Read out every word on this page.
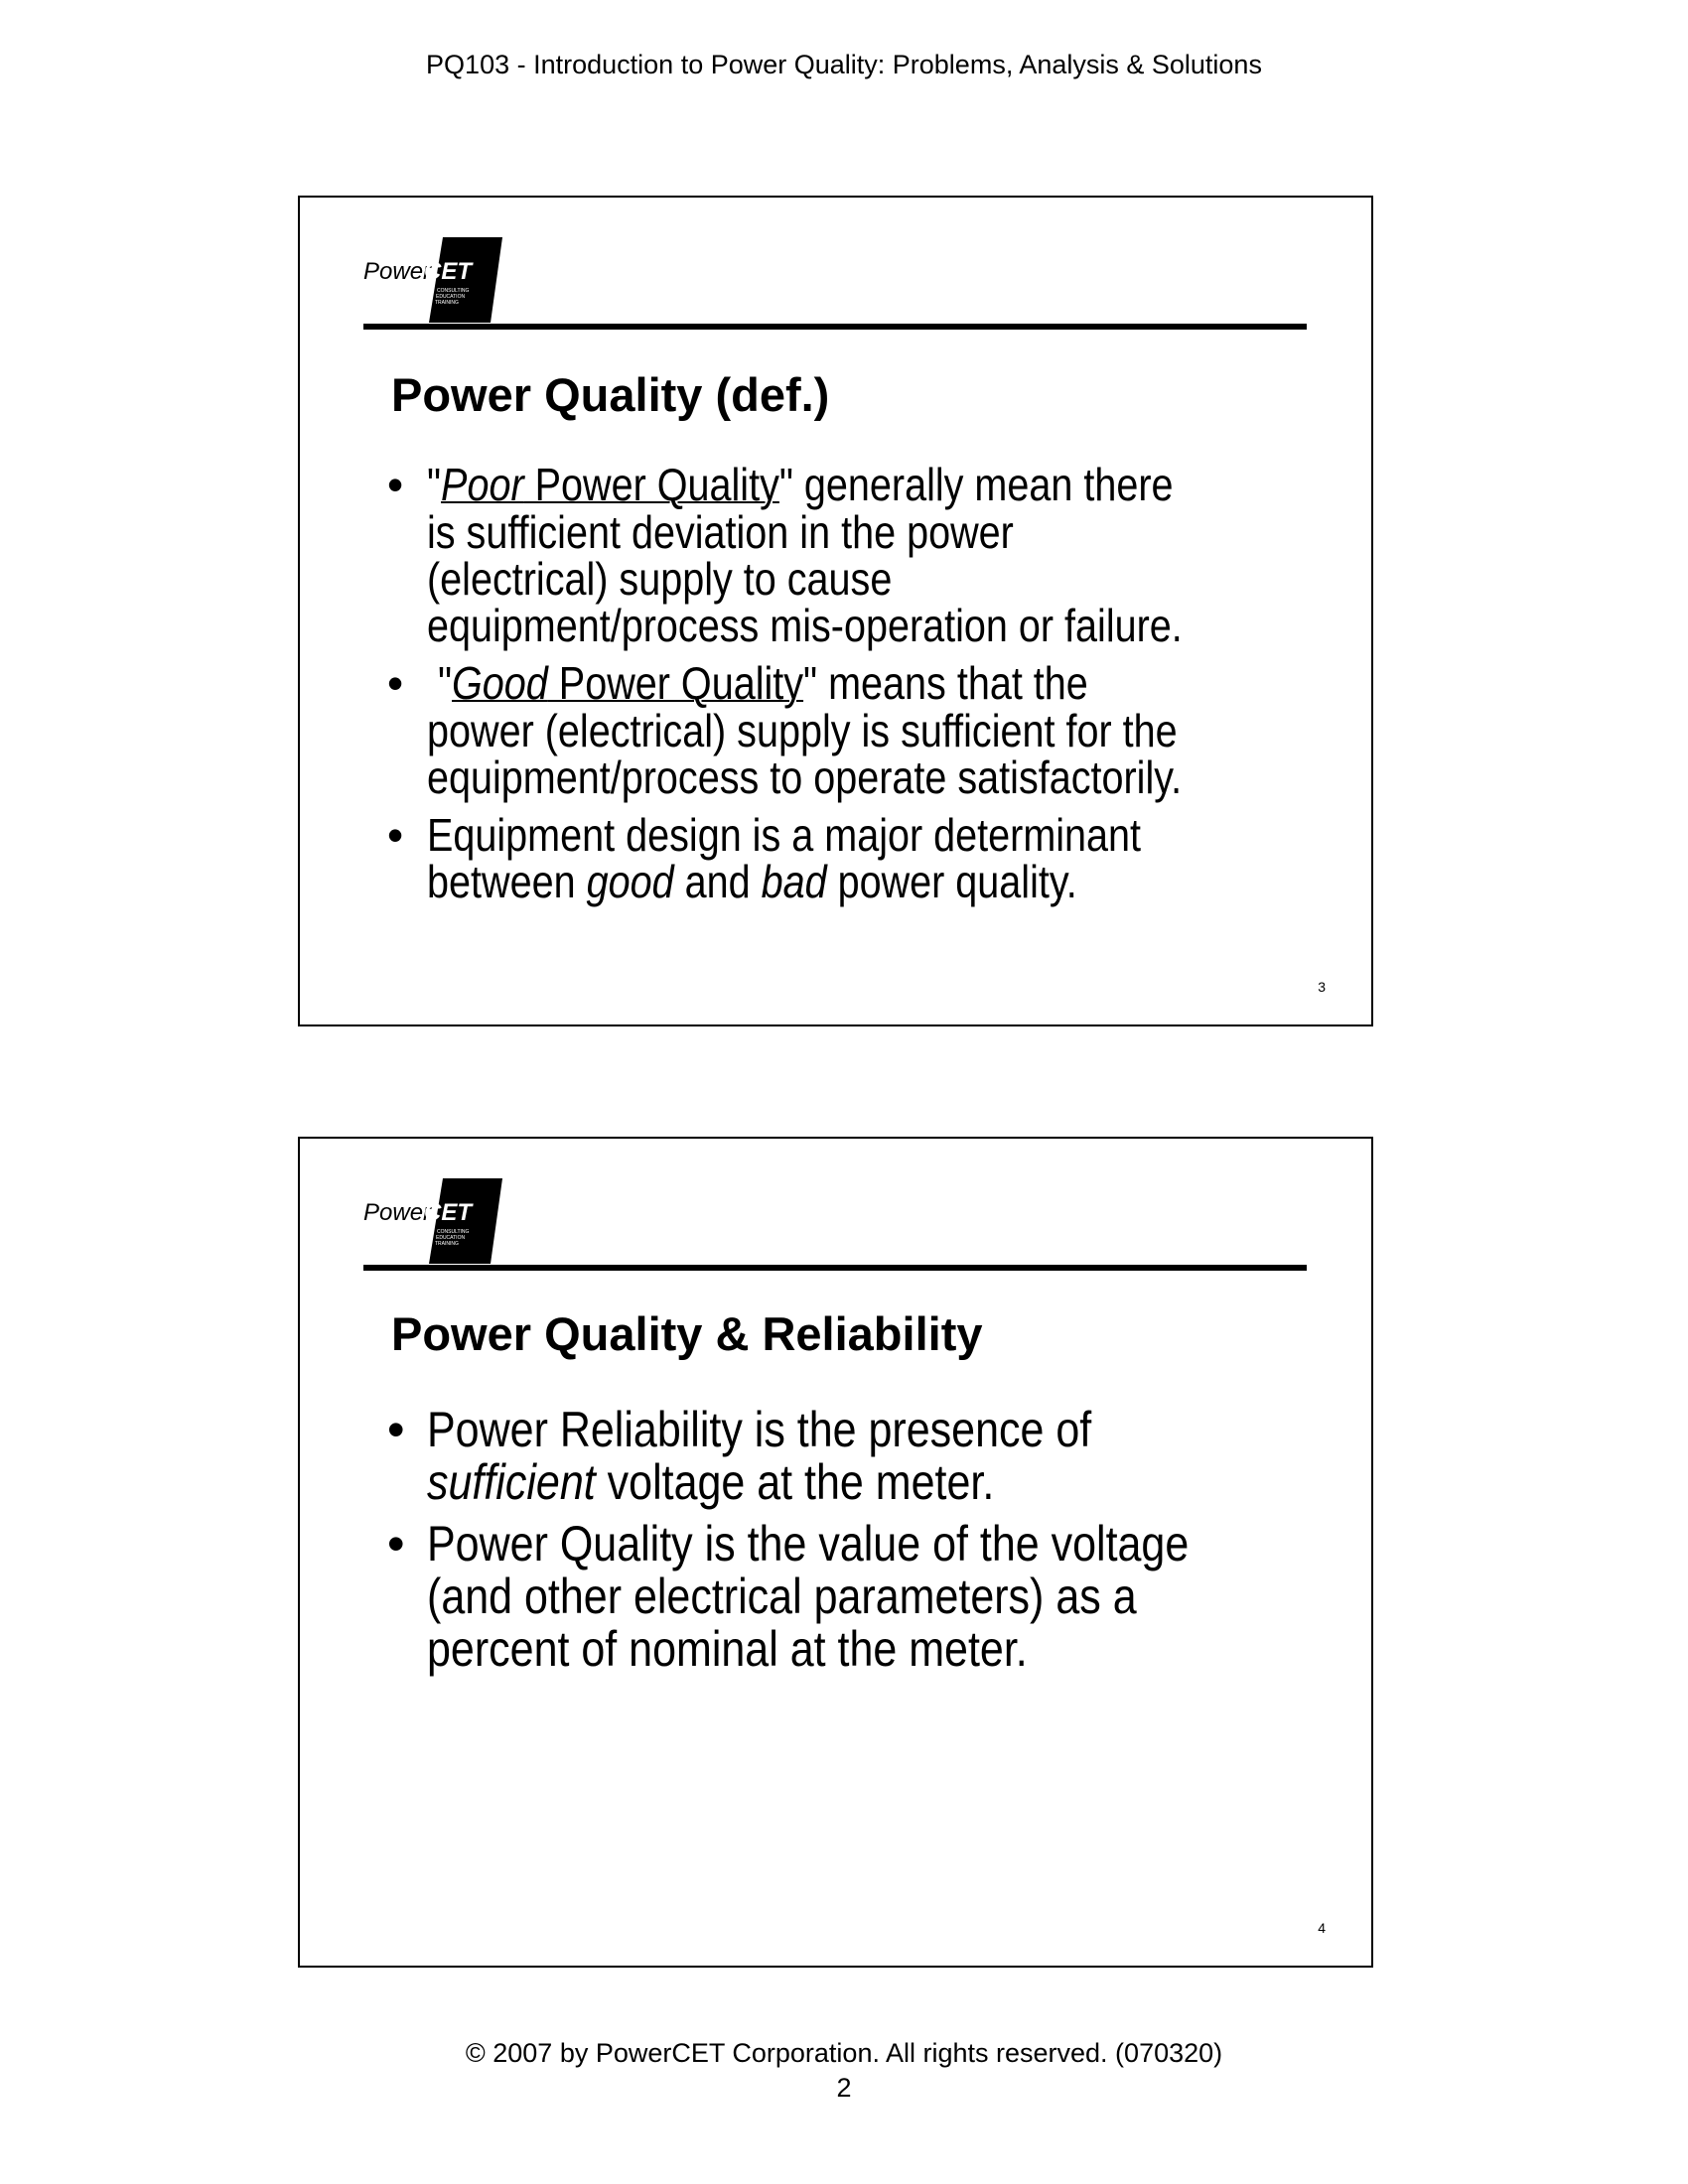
PQ103 - Introduction to Power Quality: Problems, Analysis & Solutions
Power
CET
CONSULTING
EDUCATION
TRAINING
Power Quality (def.)
3
• "Poor Power Quality" generally mean there
is sufficient deviation in the power
(electrical) supply to cause
equipment/process mis-operation or failure.
• "Good Power Quality" means that the
power (electrical) supply is sufficient for the
equipment/process to operate satisfactorily.
• Equipment design is a major determinant
between good and bad power quality.
Power
CET
CONSULTING
EDUCATION
TRAINING
Power Quality & Reliability
4
• Power Reliability is the presence of
sufficient voltage at the meter.
• Power Quality is the value of the voltage
(and other electrical parameters) as a
percent of nominal at the meter.
© 2007 by PowerCET Corporation. All rights reserved. (070320)
2
